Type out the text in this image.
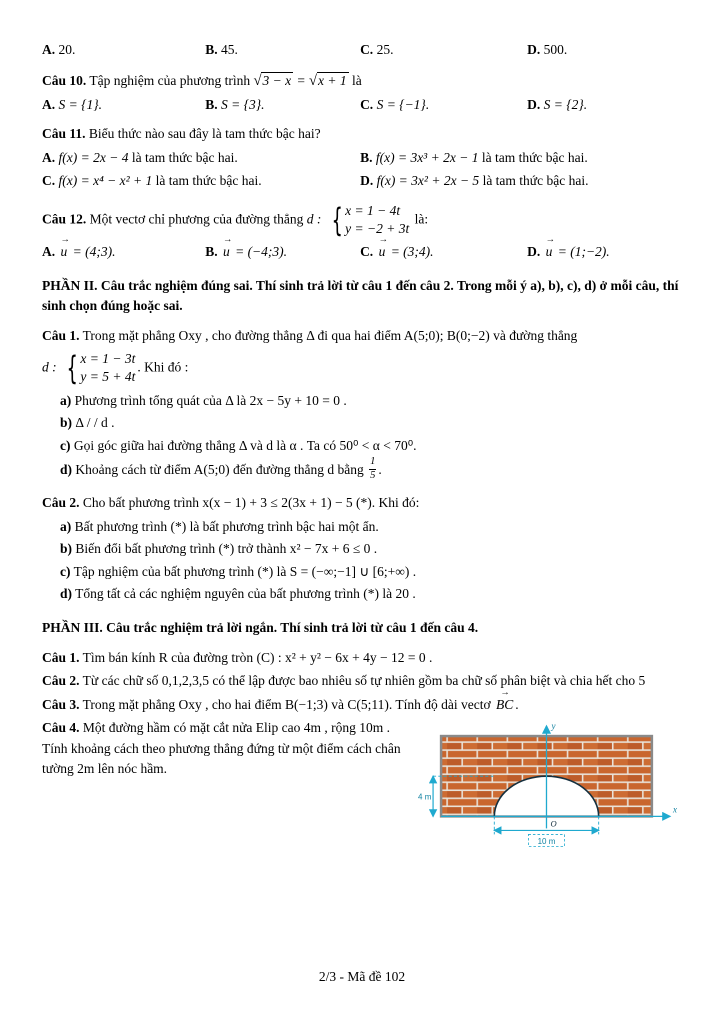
A. 20.	B. 45.	C. 25.	D. 500.
Câu 10. Tập nghiệm của phương trình √3 − x = √x + 1 là
A. S = {1}.	B. S = {3}.	C. S = {−1}.	D. S = {2}.
Câu 11. Biểu thức nào sau đây là tam thức bậc hai?
A. f(x) = 2x − 4 là tam thức bậc hai.	B. f(x) = 3x³ + 2x − 1 là tam thức bậc hai.
C. f(x) = x⁴ − x² + 1 là tam thức bậc hai.	D. f(x) = 3x² + 2x − 5 là tam thức bậc hai.
Câu 12. Một vectơ chỉ phương của đường thẳng d : { x = 1 − 4t
y = −2 + 3t
là:
A. → u = (4;3).	B. → u = (−4;3).	C. → u = (3;4).	D. → u = (1;−2).
PHẦN II. Câu trắc nghiệm đúng sai. Thí sinh trả lời từ câu 1 đến câu 2. Trong mỗi ý a), b), c), d) ở mỗi câu, thí sinh chọn đúng hoặc sai.
Câu 1. Trong mặt phẳng Oxy , cho đường thẳng Δ đi qua hai điểm A(5;0); B(0;−2) và đường thẳng
d : { x = 1 − 3t
y = 5 + 4t
. Khi đó :
a) Phương trình tổng quát của Δ là 2x − 5y + 10 = 0 .
b) Δ / / d .
c) Gọi góc giữa hai đường thẳng Δ và d là α . Ta có 50⁰ < α < 70⁰.
d) Khoảng cách từ điểm A(5;0) đến đường thẳng d bằng $\frac{1}{5}$ .
Câu 2. Cho bất phương trình x(x − 1) + 3 ≤ 2(3x + 1) − 5 (*). Khi đó:
a) Bất phương trình (*) là bất phương trình bậc hai một ẩn.
b) Biến đổi bất phương trình (*) trở thành x² − 7x + 6 ≤ 0 .
c) Tập nghiệm của bất phương trình (*) là S = (−∞;−1] ∪ [6;+∞) .
d) Tổng tất cả các nghiệm nguyên của bất phương trình (*) là 20 .
PHẦN III. Câu trắc nghiệm trả lời ngắn. Thí sinh trả lời từ câu 1 đến câu 4.
Câu 1. Tìm bán kính R của đường tròn (C) : x² + y² − 6x + 4y − 12 = 0 .
Câu 2. Từ các chữ số 0,1,2,3,5 có thể lập được bao nhiêu số tự nhiên gồm ba chữ số phân biệt và chia hết cho 5
Câu 3. Trong mặt phẳng Oxy , cho hai điểm B(−1;3) và C(5;11). Tính độ dài vectơ → BC .
Câu 4. Một đường hầm có mặt cắt nửa Elip cao 4m , rộng 10m . Tính khoảng cách theo phương thẳng đứng từ một điểm cách chân tường 2m lên nóc hầm.
4 m
10 m
y
x
O
2/3 - Mã đề 102
